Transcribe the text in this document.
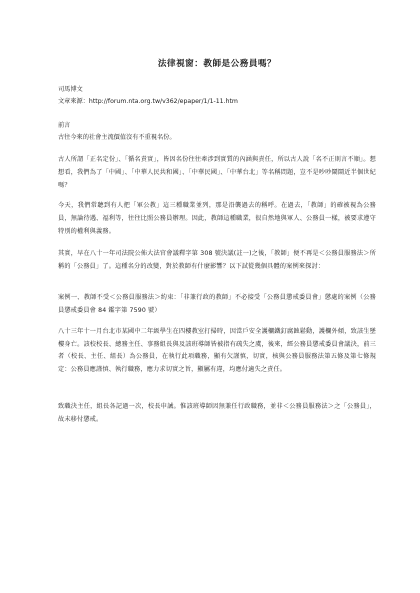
法律視窗：教師是公務員嗎？
司馬博文
文章來源：http://forum.nta.org.tw/v362/epaper/1/1-11.htm
前言
古往今來的社會主流價值沒有不重視名份。
古人所謂「正名定份」、「循名責實」，皆因名份往往牽涉到實質的內涵與責任，所以古人說「名不正則言不順」。想想看，我們為了「中國」、「中華人民共和國」、「中華民國」、「中華台北」等名稱問題，豈不是吵吵鬧鬧近半個世紀嗎？
今天，我們常聽到有人把「軍公教」這三種職業並列，那是沿襲過去的稱呼。在過去，「教師」的確被視為公務員，無論待遇、福利等，往往比照公務員辦理。因此，教師這種職業，很自然地與軍人、公務員一樣，被要求遵守特別的權利與義務。
其實，早在八十一年司法院公佈大法官會議釋字第 308 號決議(註一)之後，「教師」便不再是＜公務員服務法＞所稱的「公務員」了。這種名分的改變，對於教師有什麼影響？以下試從幾個具體的案例來探討：
案例一、教師不受＜公務員服務法＞約束：「非兼行政的教師」不必接受「公務員懲戒委員會」懲處的案例（公務員懲戒委員會 84 鑑字第 7590 號）
八十三年十一月台北市某國中二年級學生在四樓教室打掃時，因當戶安全護欄鐵釘腐蝕鬆動，護欄外傾，致該生墜樓身亡。該校校長、總務主任、事務組長與及該班導師皆被指有疏失之虞，後來，經公務員懲戒委員會議決，前三者（校長、主任、組長）為公務員，在執行此項職務，顯有欠謹慎，切實，核與公務員服務法第五條及第七條規定：公務員應謹慎、執行職務，應力求切實之旨，顯屬有違，均應付適失之責任。
致職決主任，組長各記過一次，校長申誡。惟該班導師因無兼任行政職務，並非＜公務員服務法＞之「公務員」，故未移付懲戒。
